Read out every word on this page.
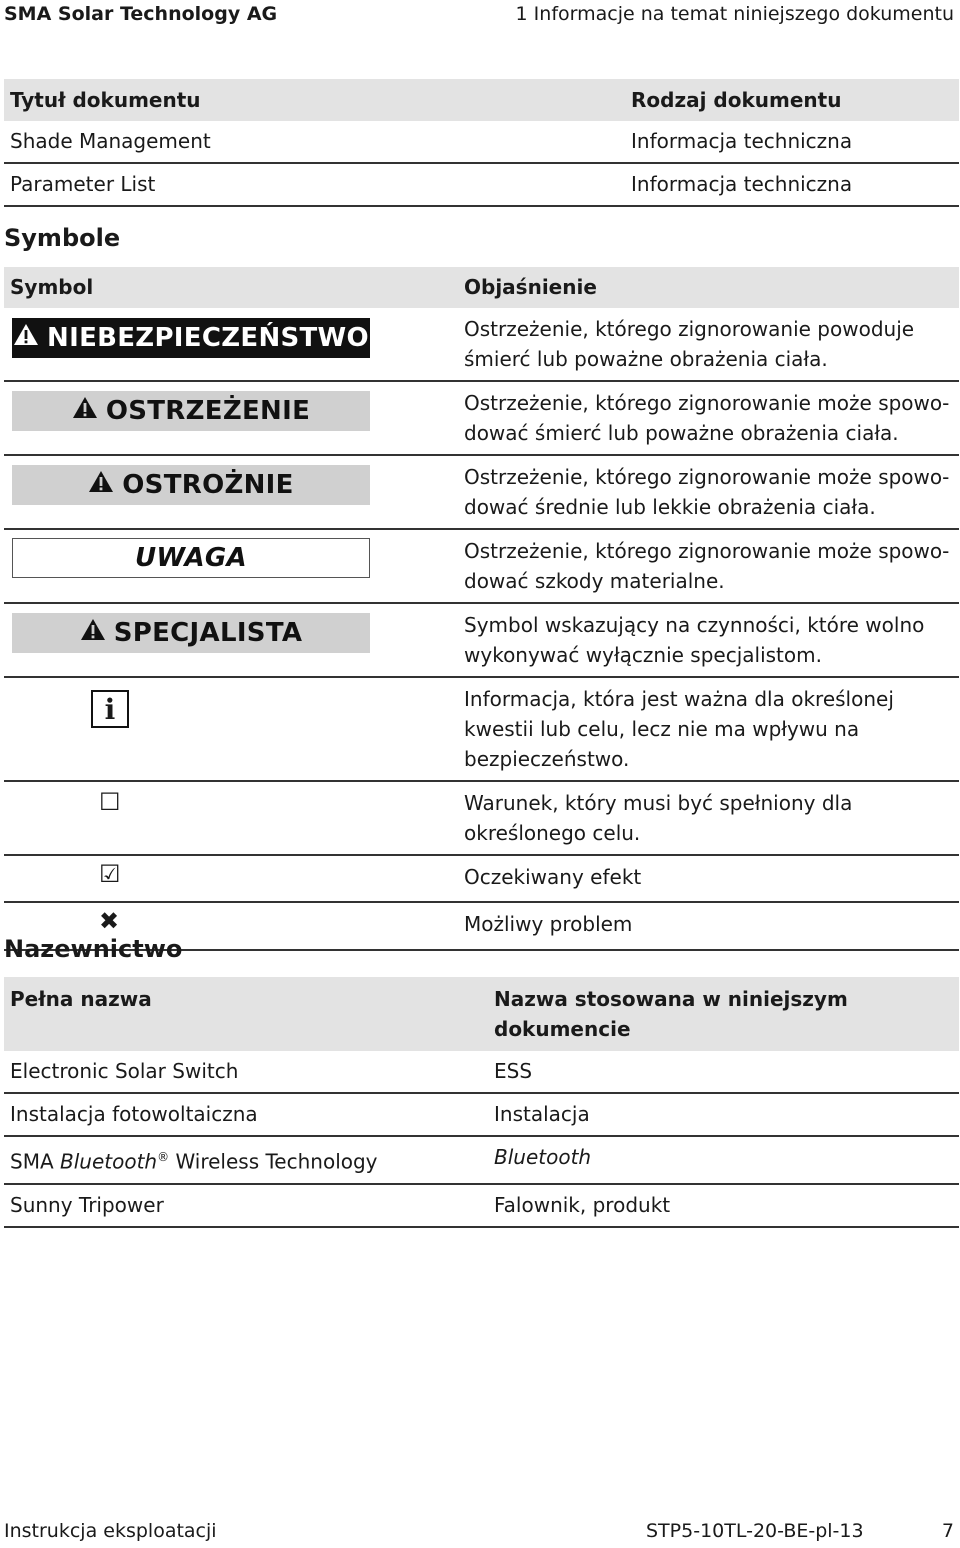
SMA Solar Technology AG	1 Informacje na temat niniejszego dokumentu
Tytuł dokumentu	Rodzaj dokumentu
Shade Management	Informacja techniczna
Parameter List	Informacja techniczna
Symbole
Symbol	Objaśnienie

NIEBEZPIECZEŃSTWO	Ostrzeżenie, którego zignorowanie powoduje śmierć lub poważne obrażenia ciała.

OSTRZEŻENIE	Ostrzeżenie, którego zignorowanie może spowodować śmierć lub poważne obrażenia ciała.

OSTROŻNIE	Ostrzeżenie, którego zignorowanie może spowodować średnie lub lekkie obrażenia ciała.

UWAGA	Ostrzeżenie, którego zignorowanie może spowodować szkody materialne.

SPECJALISTA	Symbol wskazujący na czynności, które wolno wykonywać wyłącznie specjalistom.

i	Informacja, która jest ważna dla określonej kwestii lub celu, lecz nie ma wpływu na bezpieczeństwo.

☐	Warunek, który musi być spełniony dla określonego celu.

☑	Oczekiwany efekt

✖	Możliwy problem
Nazewnictwo
Pełna nazwa	Nazwa stosowana w niniejszym dokumencie
Electronic Solar Switch	ESS
Instalacja fotowoltaiczna	Instalacja
SMA Bluetooth® Wireless Technology	Bluetooth
Sunny Tripower	Falownik, produkt
Instrukcja eksploatacji	STP5-10TL-20-BE-pl-13	7
